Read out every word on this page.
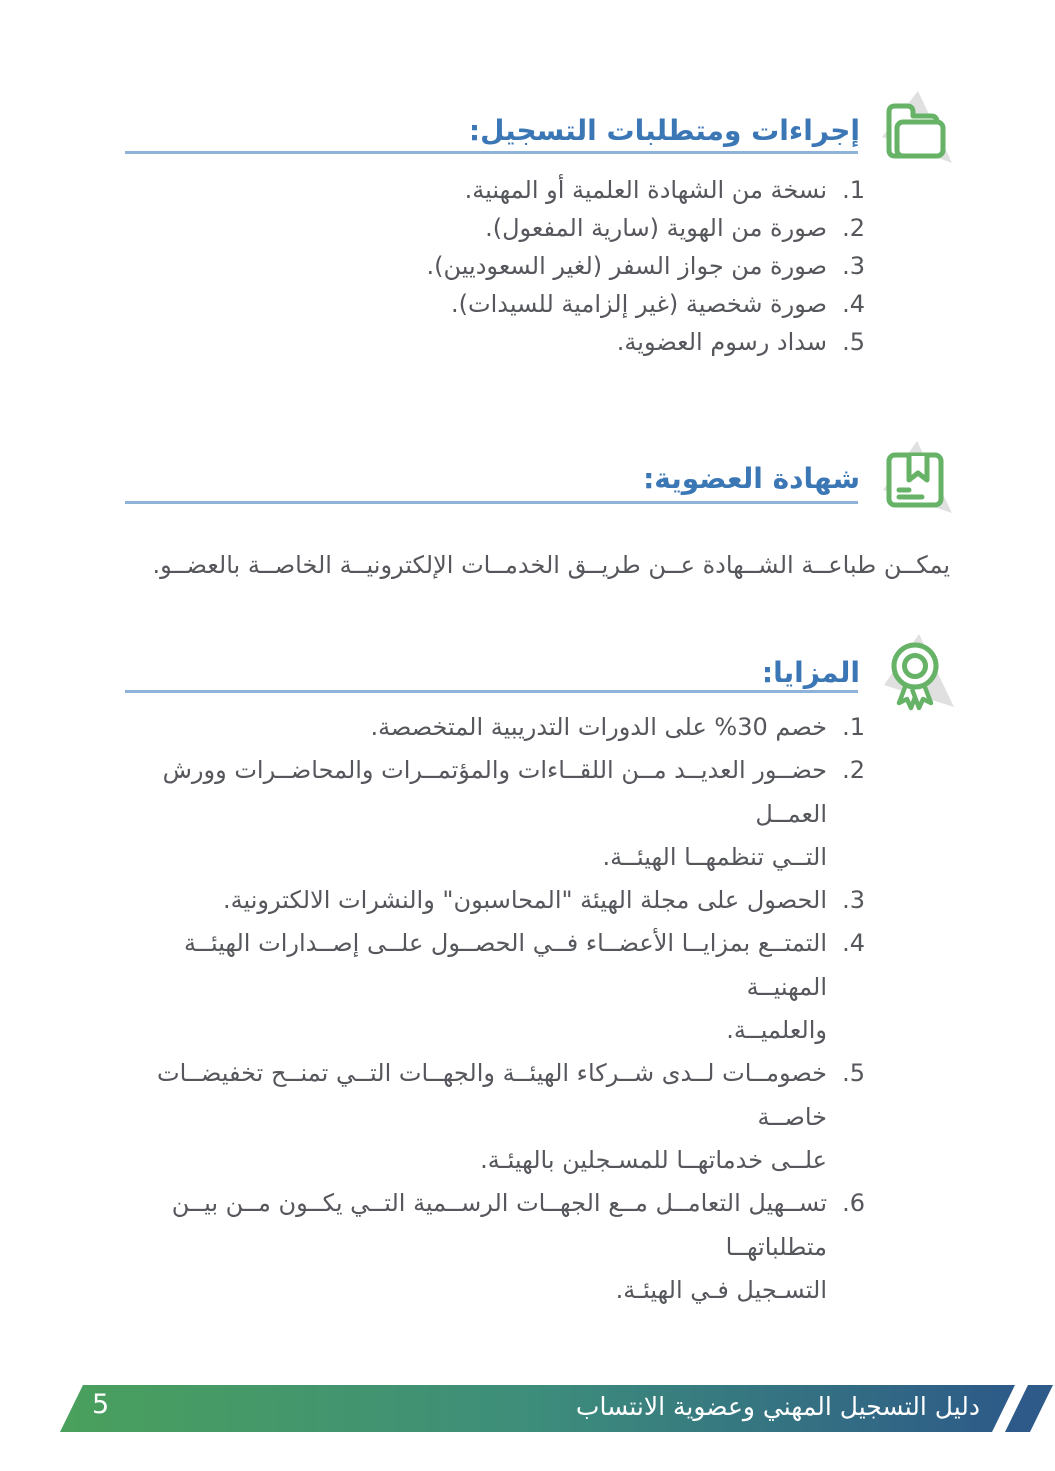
إجراءات ومتطلبات التسجيل:
1.
نسخة من الشهادة العلمية أو المهنية.
2.
صورة من الهوية (سارية المفعول).
3.
صورة من جواز السفر (لغير السعوديين).
4.
صورة شخصية (غير إلزامية للسيدات).
5.
سداد رسوم العضوية.
شهادة العضوية:

يمكــن طباعــة الشــهادة عــن طريــق الخدمــات الإلكترونيــة الخاصــة بالعضــو.

المزايا:
1.
خصم 30% على الدورات التدريبية المتخصصة.
2.
حضــور العديــد مــن اللقــاءات والمؤتمــرات والمحاضــرات وورش العمــل
التــي تنظمهــا الهيئــة.
3.
الحصول على مجلة الهيئة "المحاسبون" والنشرات الالكترونية.
4.
التمتــع بمزايــا الأعضــاء فــي الحصــول علــى إصــدارات الهيئــة المهنيــة
والعلميــة.
5.
خصومــات لــدى شــركاء الهيئــة والجهــات التــي تمنــح تخفيضــات خاصــة
علــى خدماتهــا للمسـجلين بالهيئـة.
6.
تســهيل التعامــل مــع الجهــات الرســمية التــي يكــون مــن بيــن متطلباتهــا
التسـجيل فـي الهيئـة.
دليل التسجيل المهني وعضوية الانتساب
5
